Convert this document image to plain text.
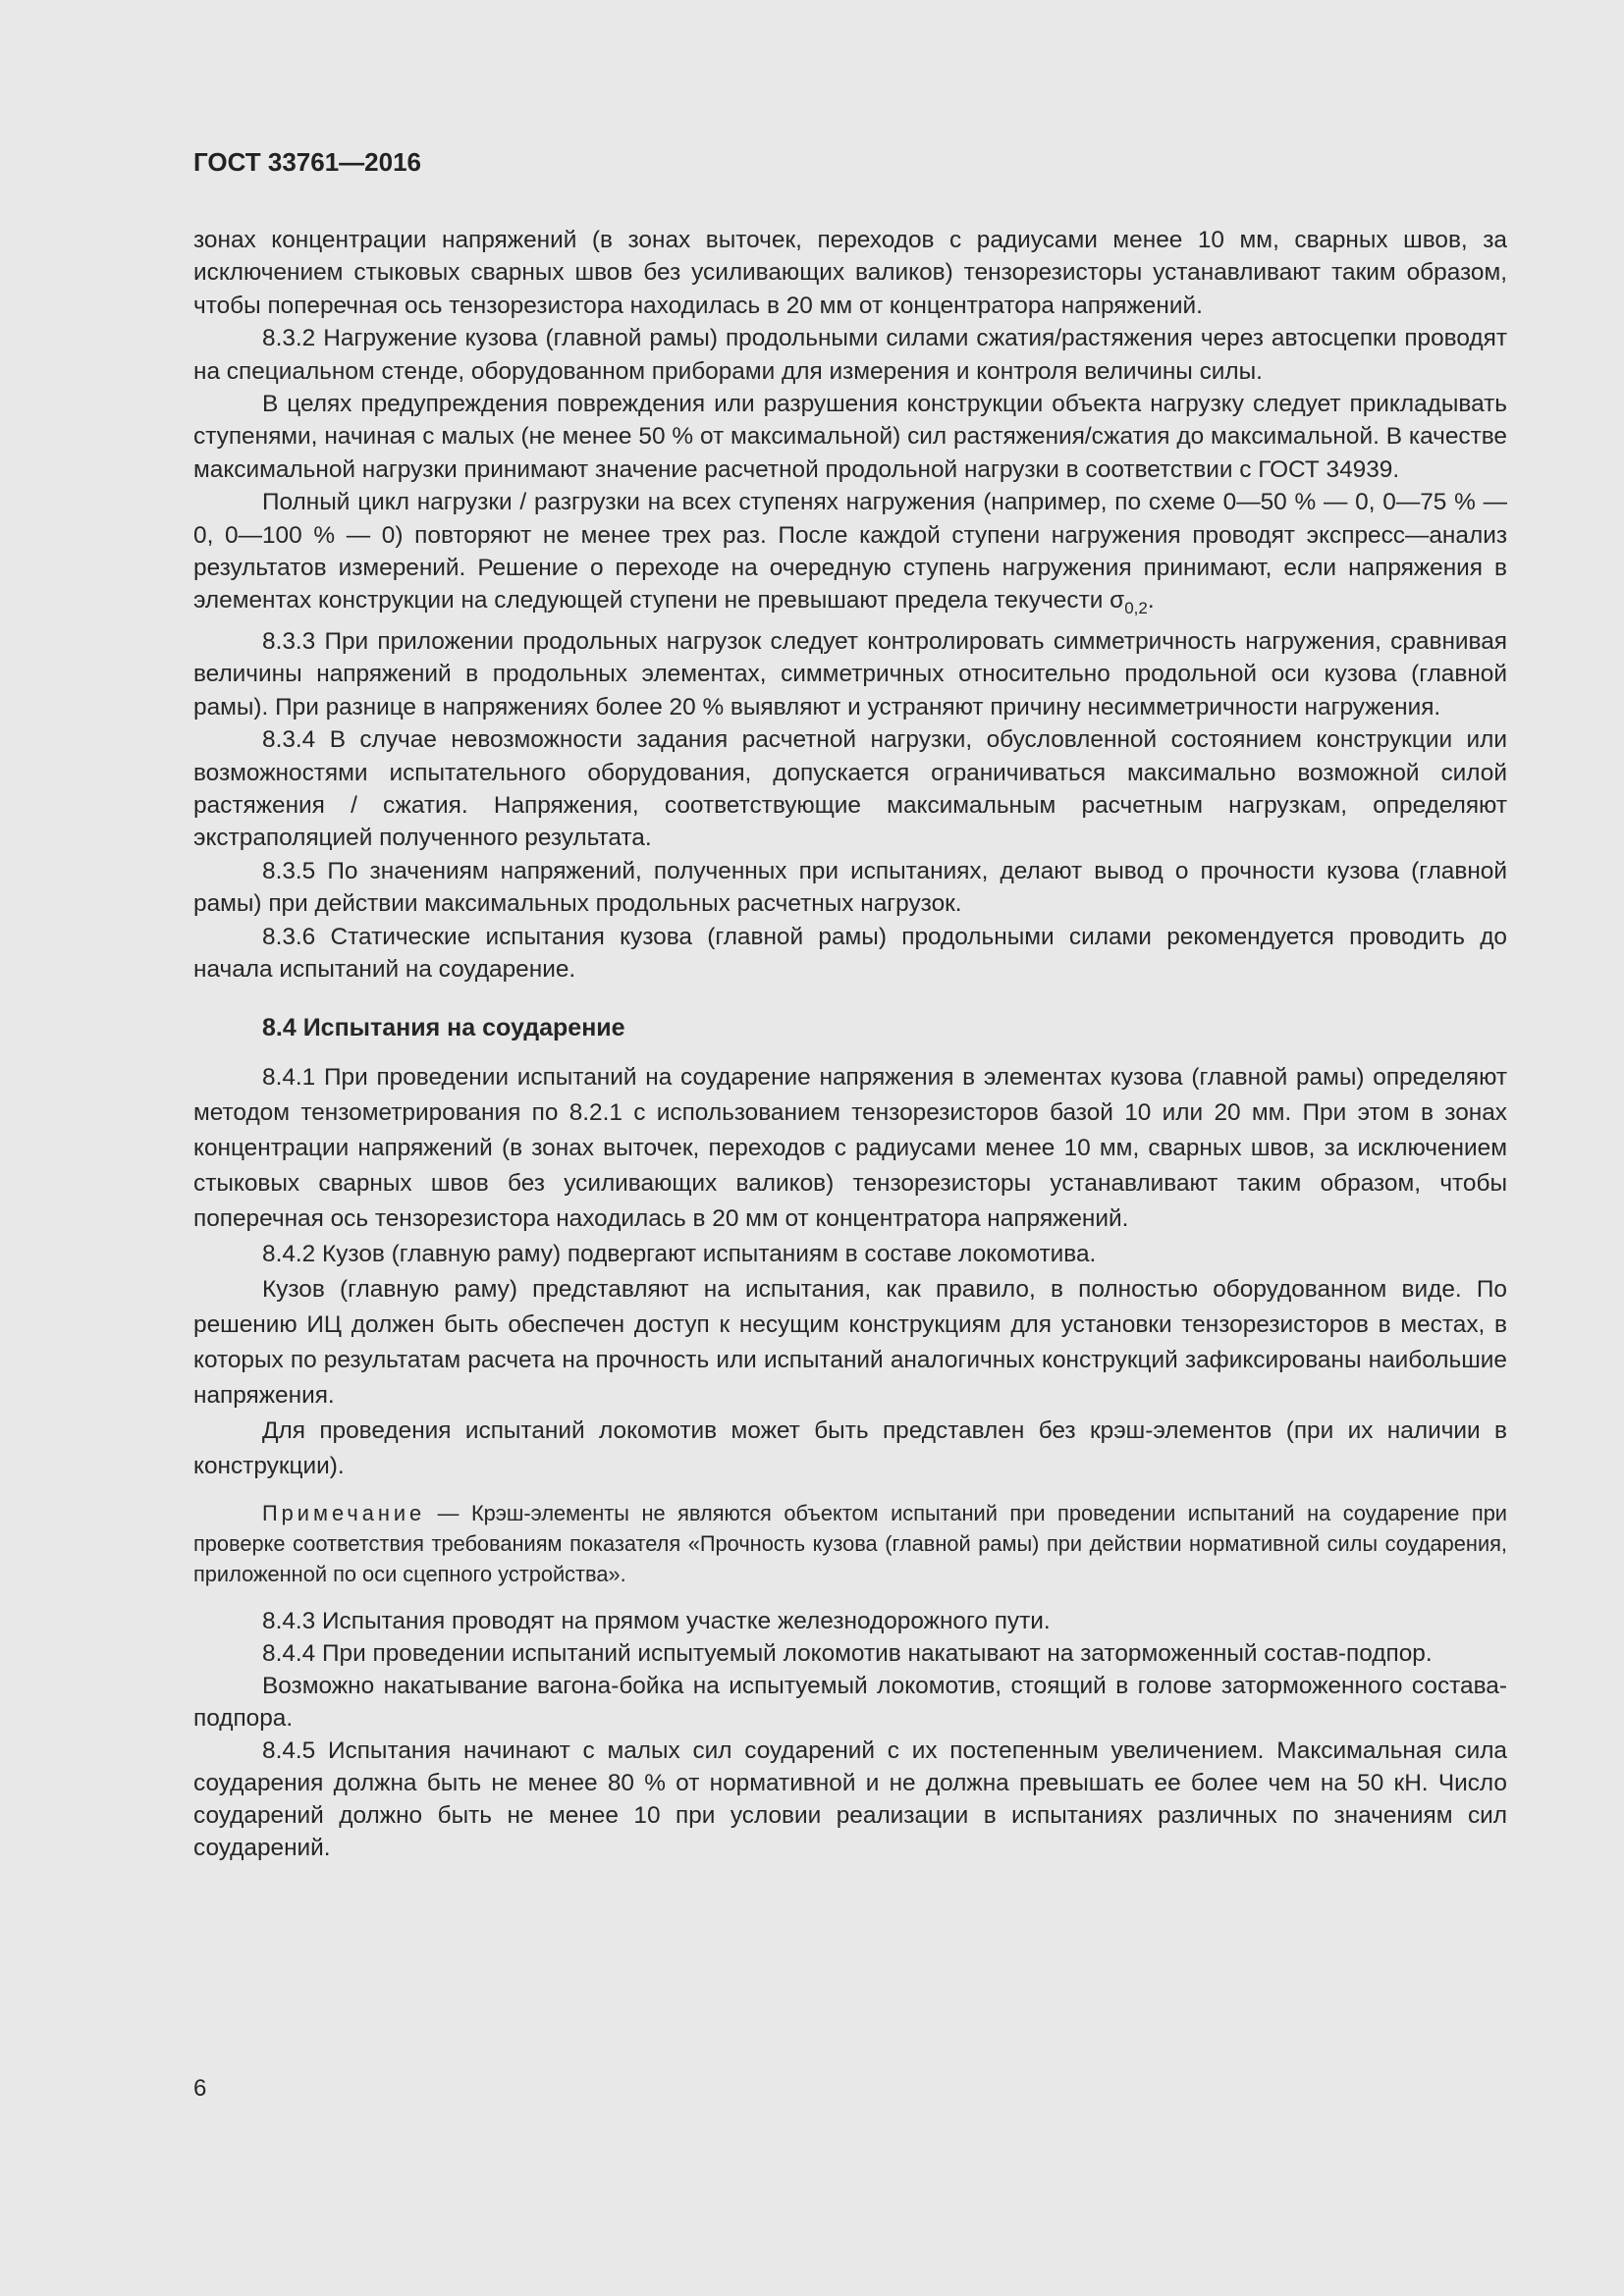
ГОСТ 33761—2016

зонах концентрации напряжений (в зонах выточек, переходов с радиусами менее 10 мм, сварных швов, за исключением стыковых сварных швов без усиливающих валиков) тензорезисторы устанавливают таким образом, чтобы поперечная ось тензорезистора находилась в 20 мм от концентратора напряжений.

8.3.2 Нагружение кузова (главной рамы) продольными силами сжатия/растяжения через автосцепки проводят на специальном стенде, оборудованном приборами для измерения и контроля величины силы.

В целях предупреждения повреждения или разрушения конструкции объекта нагрузку следует прикладывать ступенями, начиная с малых (не менее 50 % от максимальной) сил растяжения/сжатия до максимальной. В качестве максимальной нагрузки принимают значение расчетной продольной нагрузки в соответствии с ГОСТ 34939.

Полный цикл нагрузки / разгрузки на всех ступенях нагружения (например, по схеме 0—50 % — 0, 0—75 % — 0, 0—100 % — 0) повторяют не менее трех раз. После каждой ступени нагружения проводят экспресс—анализ результатов измерений. Решение о переходе на очередную ступень нагружения принимают, если напряжения в элементах конструкции на следующей ступени не превышают предела текучести $\sigma_{0,2}$.

8.3.3 При приложении продольных нагрузок следует контролировать симметричность нагружения, сравнивая величины напряжений в продольных элементах, симметричных относительно продольной оси кузова (главной рамы). При разнице в напряжениях более 20 % выявляют и устраняют причину несимметричности нагружения.

8.3.4 В случае невозможности задания расчетной нагрузки, обусловленной состоянием конструкции или возможностями испытательного оборудования, допускается ограничиваться максимально возможной силой растяжения / сжатия. Напряжения, соответствующие максимальным расчетным нагрузкам, определяют экстраполяцией полученного результата.

8.3.5 По значениям напряжений, полученных при испытаниях, делают вывод о прочности кузова (главной рамы) при действии максимальных продольных расчетных нагрузок.

8.3.6 Статические испытания кузова (главной рамы) продольными силами рекомендуется проводить до начала испытаний на соударение.

8.4 Испытания на соударение

8.4.1 При проведении испытаний на соударение напряжения в элементах кузова (главной рамы) определяют методом тензометрирования по 8.2.1 с использованием тензорезисторов базой 10 или 20 мм. При этом в зонах концентрации напряжений (в зонах выточек, переходов с радиусами менее 10 мм, сварных швов, за исключением стыковых сварных швов без усиливающих валиков) тензорезисторы устанавливают таким образом, чтобы поперечная ось тензорезистора находилась в 20 мм от концентратора напряжений.

8.4.2 Кузов (главную раму) подвергают испытаниям в составе локомотива.

Кузов (главную раму) представляют на испытания, как правило, в полностью оборудованном виде. По решению ИЦ должен быть обеспечен доступ к несущим конструкциям для установки тензорезисторов в местах, в которых по результатам расчета на прочность или испытаний аналогичных конструкций зафиксированы наибольшие напряжения.

Для проведения испытаний локомотив может быть представлен без крэш-элементов (при их наличии в конструкции).

Примечание — Крэш-элементы не являются объектом испытаний при проведении испытаний на соударение при проверке соответствия требованиям показателя «Прочность кузова (главной рамы) при действии нормативной силы соударения, приложенной по оси сцепного устройства».

8.4.3 Испытания проводят на прямом участке железнодорожного пути.

8.4.4 При проведении испытаний испытуемый локомотив накатывают на заторможенный состав-подпор.

Возможно накатывание вагона-бойка на испытуемый локомотив, стоящий в голове заторможенного состава-подпора.

8.4.5 Испытания начинают с малых сил соударений с их постепенным увеличением. Максимальная сила соударения должна быть не менее 80 % от нормативной и не должна превышать ее более чем на 50 кН. Число соударений должно быть не менее 10 при условии реализации в испытаниях различных по значениям сил соударений.

6
